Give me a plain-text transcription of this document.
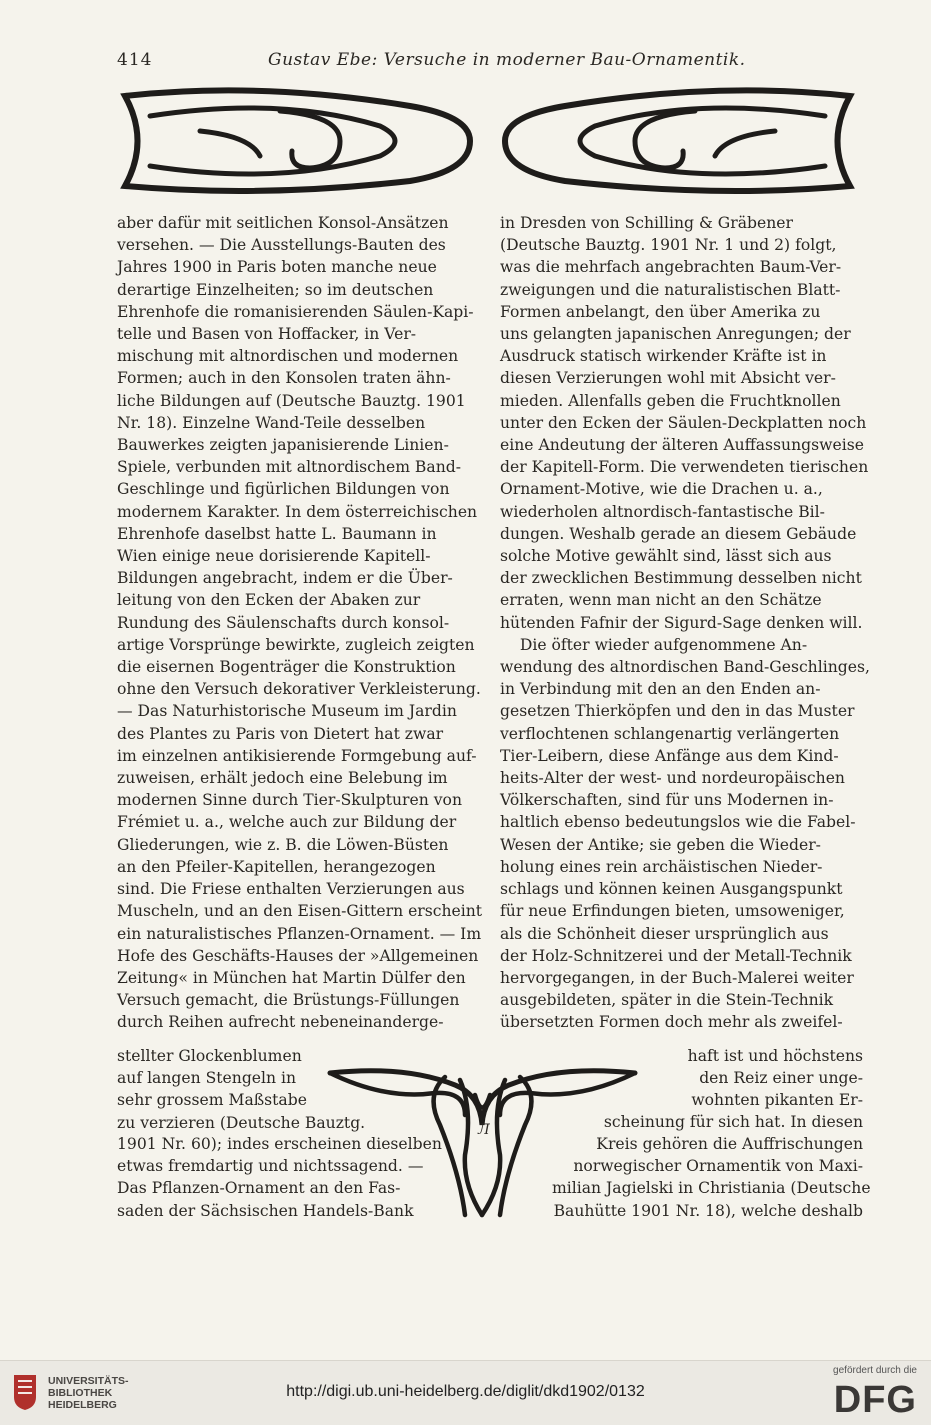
414	Gustav Ebe: Versuche in moderner Bau-Ornamentik.
aber dafür mit seitlichen Konsol-Ansätzen
versehen. — Die Ausstellungs-Bauten des
Jahres 1900 in Paris boten manche neue
derartige Einzelheiten; so im deutschen
Ehrenhofe die romanisierenden Säulen-Kapi-
telle und Basen von Hoffacker, in Ver-
mischung mit altnordischen und modernen
Formen; auch in den Konsolen traten ähn-
liche Bildungen auf (Deutsche Bauztg. 1901
Nr. 18). Einzelne Wand-Teile desselben
Bauwerkes zeigten japanisierende Linien-
Spiele, verbunden mit altnordischem Band-
Geschlinge und figürlichen Bildungen von
modernem Karakter. In dem österreichischen
Ehrenhofe daselbst hatte L. Baumann in
Wien einige neue dorisierende Kapitell-
Bildungen angebracht, indem er die Über-
leitung von den Ecken der Abaken zur
Rundung des Säulenschafts durch konsol-
artige Vorsprünge bewirkte, zugleich zeigten
die eisernen Bogenträger die Konstruktion
ohne den Versuch dekorativer Verkleisterung.
— Das Naturhistorische Museum im Jardin
des Plantes zu Paris von Dietert hat zwar
im einzelnen antikisierende Formgebung auf-
zuweisen, erhält jedoch eine Belebung im
modernen Sinne durch Tier-Skulpturen von
Frémiet u. a., welche auch zur Bildung der
Gliederungen, wie z. B. die Löwen-Büsten
an den Pfeiler-Kapitellen, herangezogen
sind. Die Friese enthalten Verzierungen aus
Muscheln, und an den Eisen-Gittern erscheint
ein naturalistisches Pflanzen-Ornament. — Im
Hofe des Geschäfts-Hauses der »Allgemeinen
Zeitung« in München hat Martin Dülfer den
Versuch gemacht, die Brüstungs-Füllungen
durch Reihen aufrecht nebeneinanderge-
in Dresden von Schilling & Gräbener
(Deutsche Bauztg. 1901 Nr. 1 und 2) folgt,
was die mehrfach angebrachten Baum-Ver-
zweigungen und die naturalistischen Blatt-
Formen anbelangt, den über Amerika zu
uns gelangten japanischen Anregungen; der
Ausdruck statisch wirkender Kräfte ist in
diesen Verzierungen wohl mit Absicht ver-
mieden. Allenfalls geben die Fruchtknollen
unter den Ecken der Säulen-Deckplatten noch
eine Andeutung der älteren Auffassungsweise
der Kapitell-Form. Die verwendeten tierischen
Ornament-Motive, wie die Drachen u. a.,
wiederholen altnordisch-fantastische Bil-
dungen. Weshalb gerade an diesem Gebäude
solche Motive gewählt sind, lässt sich aus
der zwecklichen Bestimmung desselben nicht
erraten, wenn man nicht an den Schätze
hütenden Fafnir der Sigurd-Sage denken will.
Die öfter wieder aufgenommene An-
wendung des altnordischen Band-Geschlinges,
in Verbindung mit den an den Enden an-
gesetzen Thierköpfen und den in das Muster
verflochtenen schlangenartig verlängerten
Tier-Leibern, diese Anfänge aus dem Kind-
heits-Alter der west- und nordeuropäischen
Völkerschaften, sind für uns Modernen in-
haltlich ebenso bedeutungslos wie die Fabel-
Wesen der Antike; sie geben die Wieder-
holung eines rein archäistischen Nieder-
schlags und können keinen Ausgangspunkt
für neue Erfindungen bieten, umsoweniger,
als die Schönheit dieser ursprünglich aus
der Holz-Schnitzerei und der Metall-Technik
hervorgegangen, in der Buch-Malerei weiter
ausgebildeten, später in die Stein-Technik
übersetzten Formen doch mehr als zweifel-
stellter Glockenblumen
auf langen Stengeln in
sehr grossem Maßstabe
zu verzieren (Deutsche Bauztg.
1901 Nr. 60); indes erscheinen dieselben
etwas fremdartig und nichtssagend. —
Das Pflanzen-Ornament an den Fas-
saden der Sächsischen Handels-Bank
haft ist und höchstens
den Reiz einer unge-
wohnten pikanten Er-
scheinung für sich hat. In diesen
Kreis gehören die Auffrischungen
norwegischer Ornamentik von Maxi-
milian Jagielski in Christiania (Deutsche
Bauhütte 1901 Nr. 18), welche deshalb
Л
UNIVERSITÄTS-
BIBLIOTHEK
HEIDELBERG
http://digi.ub.uni-heidelberg.de/diglit/dkd1902/0132
gefördert durch die
DFG
